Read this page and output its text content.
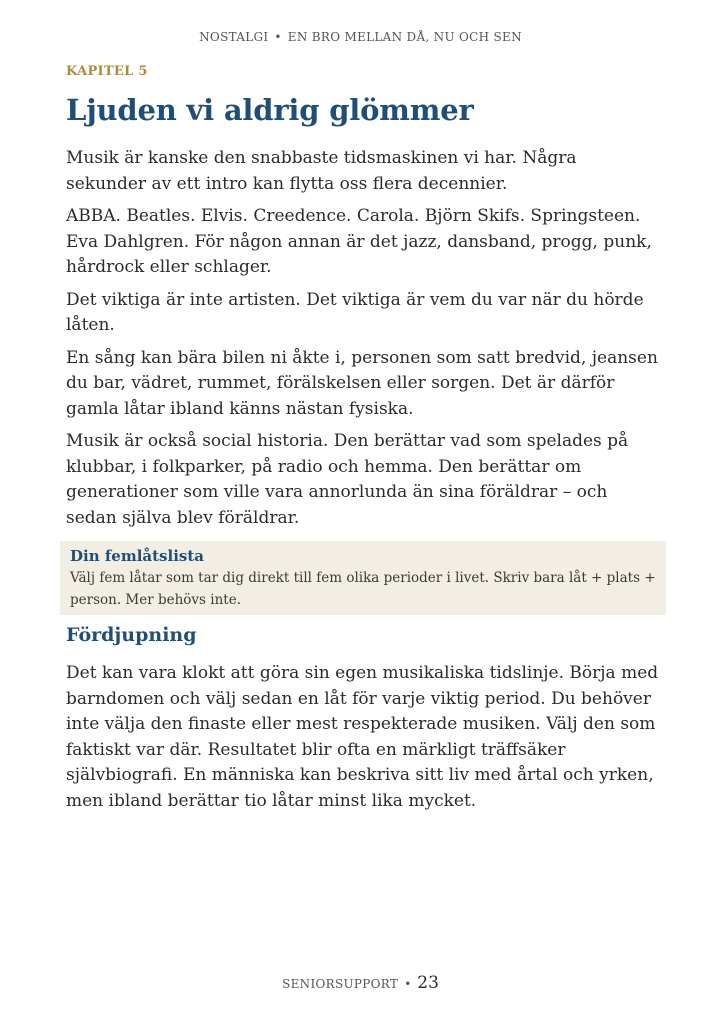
NOSTALGI • EN BRO MELLAN DÅ, NU OCH SEN
KAPITEL 5
Ljuden vi aldrig glömmer

Musik är kanske den snabbaste tidsmaskinen vi har. Några sekunder av ett intro kan flytta oss flera decennier.

ABBA. Beatles. Elvis. Creedence. Carola. Björn Skifs. Springsteen. Eva Dahlgren. För någon annan är det jazz, dansband, progg, punk, hårdrock eller schlager.

Det viktiga är inte artisten. Det viktiga är vem du var när du hörde låten.

En sång kan bära bilen ni åkte i, personen som satt bredvid, jeansen du bar, vädret, rummet, förälskelsen eller sorgen. Det är därför gamla låtar ibland känns nästan fysiska.

Musik är också social historia. Den berättar vad som spelades på klubbar, i folkparker, på radio och hemma. Den berättar om generationer som ville vara annorlunda än sina föräldrar – och sedan själva blev föräldrar.

Din femlåtslista
Välj fem låtar som tar dig direkt till fem olika perioder i livet. Skriv bara låt + plats + person. Mer behövs inte.
Fördjupning

Det kan vara klokt att göra sin egen musikaliska tidslinje. Börja med barndomen och välj sedan en låt för varje viktig period. Du behöver inte välja den finaste eller mest respekterade musiken. Välj den som faktiskt var där. Resultatet blir ofta en märkligt träffsäker självbiografi. En människa kan beskriva sitt liv med årtal och yrken, men ibland berättar tio låtar minst lika mycket.

SENIORSUPPORT • 23
